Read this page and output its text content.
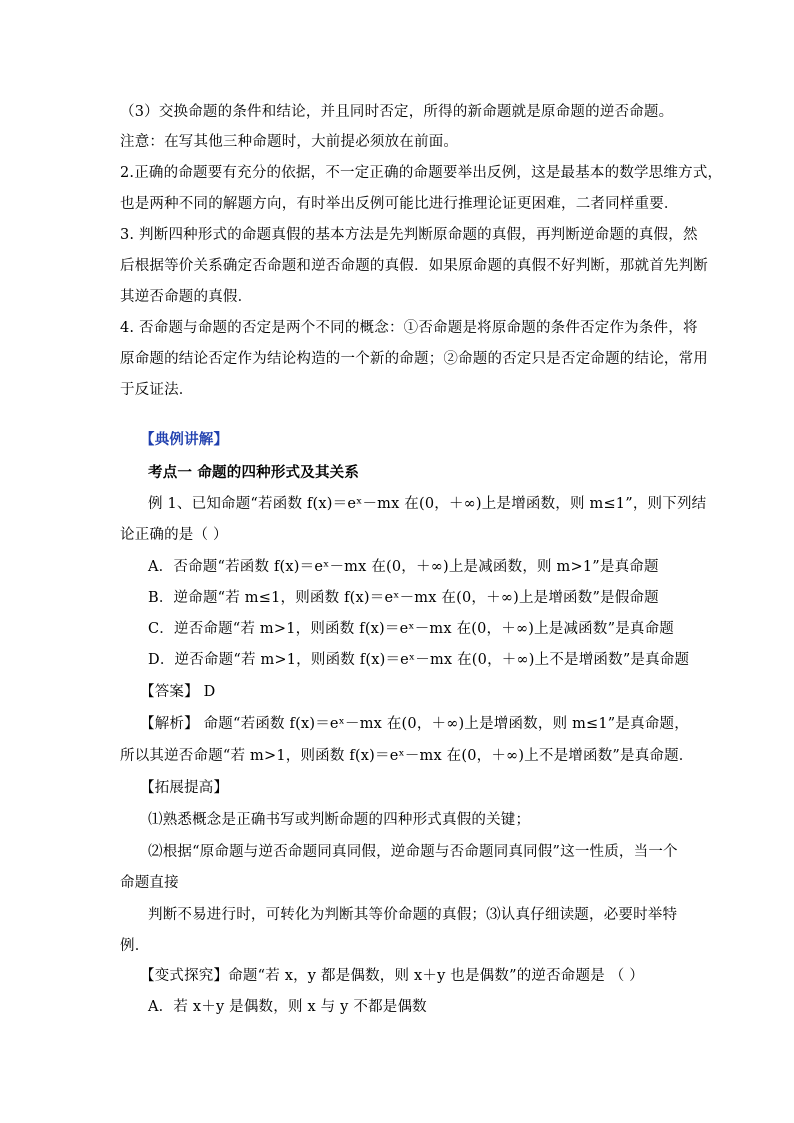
（3）交换命题的条件和结论，并且同时否定，所得的新命题就是原命题的逆否命题。
注意：在写其他三种命题时，大前提必须放在前面。
2.正确的命题要有充分的依据，不一定正确的命题要举出反例，这是最基本的数学思维方式，
也是两种不同的解题方向，有时举出反例可能比进行推理论证更困难，二者同样重要．
3. 判断四种形式的命题真假的基本方法是先判断原命题的真假，再判断逆命题的真假，然
后根据等价关系确定否命题和逆否命题的真假．如果原命题的真假不好判断，那就首先判断
其逆否命题的真假．
4. 否命题与命题的否定是两个不同的概念：①否命题是将原命题的条件否定作为条件，将
原命题的结论否定作为结论构造的一个新的命题；②命题的否定只是否定命题的结论，常用
于反证法．
【典例讲解】
考点一 命题的四种形式及其关系
例 1、已知命题“若函数 f(x)＝eˣ－mx 在(0，＋∞)上是增函数，则 m≤1”，则下列结
论正确的是（ ）
A．否命题“若函数 f(x)＝eˣ－mx 在(0，＋∞)上是减函数，则 m>1”是真命题
B．逆命题“若 m≤1，则函数 f(x)＝eˣ－mx 在(0，＋∞)上是增函数”是假命题
C．逆否命题“若 m>1，则函数 f(x)＝eˣ－mx 在(0，＋∞)上是减函数”是真命题
D．逆否命题“若 m>1，则函数 f(x)＝eˣ－mx 在(0，＋∞)上不是增函数”是真命题
【答案】 D
【解析】 命题“若函数 f(x)＝eˣ－mx 在(0，＋∞)上是增函数，则 m≤1”是真命题，
所以其逆否命题“若 m>1，则函数 f(x)＝eˣ－mx 在(0，＋∞)上不是增函数”是真命题．
【拓展提高】
⑴熟悉概念是正确书写或判断命题的四种形式真假的关键；
⑵根据“原命题与逆否命题同真同假，逆命题与否命题同真同假”这一性质，当一个
命题直接
判断不易进行时，可转化为判断其等价命题的真假；⑶认真仔细读题，必要时举特
例．
【变式探究】命题“若 x，y 都是偶数，则 x＋y 也是偶数”的逆否命题是 （ ）
A．若 x＋y 是偶数，则 x 与 y 不都是偶数
